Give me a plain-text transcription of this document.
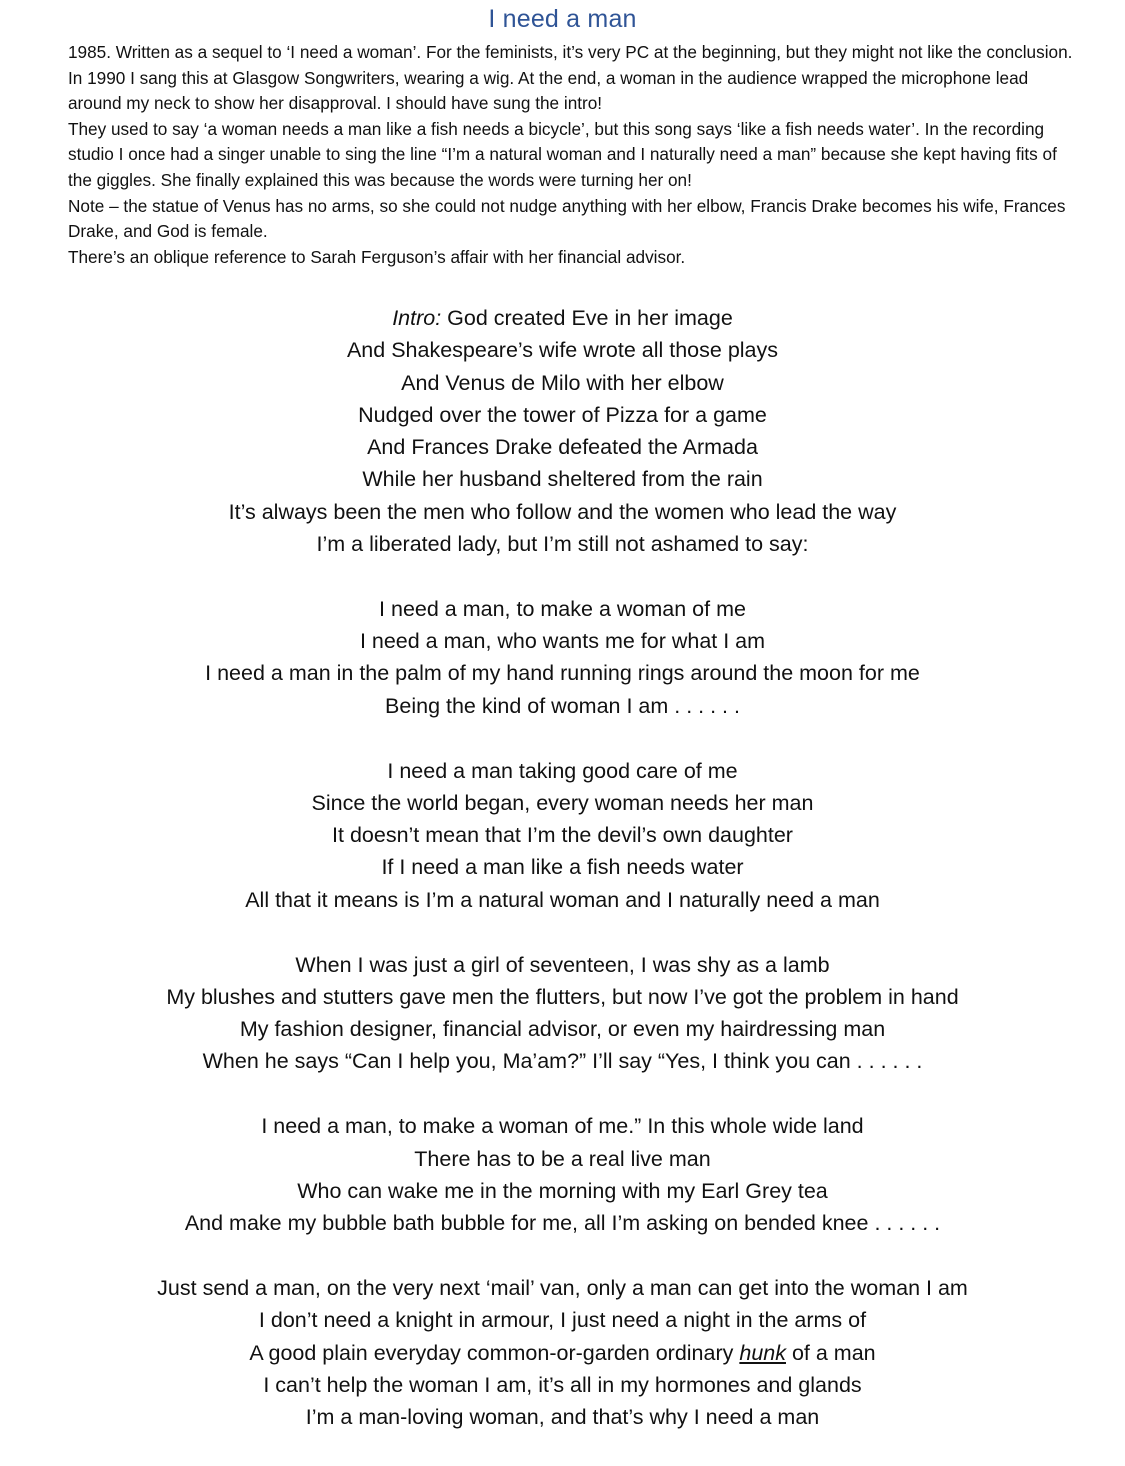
I need a man

1985. Written as a sequel to ‘I need a woman’. For the feminists, it’s very PC at the beginning, but they might not like the conclusion. In 1990 I sang this at Glasgow Songwriters, wearing a wig. At the end, a woman in the audience wrapped the microphone lead around my neck to show her disapproval. I should have sung the intro!

They used to say ‘a woman needs a man like a fish needs a bicycle’, but this song says ‘like a fish needs water’. In the recording studio I once had a singer unable to sing the line “I’m a natural woman and I naturally need a man” because she kept having fits of the giggles. She finally explained this was because the words were turning her on!

Note – the statue of Venus has no arms, so she could not nudge anything with her elbow, Francis Drake becomes his wife, Frances Drake, and God is female.

There’s an oblique reference to Sarah Ferguson’s affair with her financial advisor.

Intro: God created Eve in her image
And Shakespeare’s wife wrote all those plays
And Venus de Milo with her elbow
Nudged over the tower of Pizza for a game
And Frances Drake defeated the Armada
While her husband sheltered from the rain
It’s always been the men who follow and the women who lead the way
I’m a liberated lady, but I’m still not ashamed to say:
I need a man, to make a woman of me
I need a man, who wants me for what I am
I need a man in the palm of my hand running rings around the moon for me
Being the kind of woman I am . . . . . .
I need a man taking good care of me
Since the world began, every woman needs her man
It doesn’t mean that I’m the devil’s own daughter
If I need a man like a fish needs water
All that it means is I’m a natural woman and I naturally need a man
When I was just a girl of seventeen, I was shy as a lamb
My blushes and stutters gave men the flutters, but now I’ve got the problem in hand
My fashion designer, financial advisor, or even my hairdressing man
When he says “Can I help you, Ma’am?” I’ll say “Yes, I think you can . . . . . .
I need a man, to make a woman of me.” In this whole wide land
There has to be a real live man
Who can wake me in the morning with my Earl Grey tea
And make my bubble bath bubble for me, all I’m asking on bended knee . . . . . .
Just send a man, on the very next ‘mail’ van, only a man can get into the woman I am
I don’t need a knight in armour, I just need a night in the arms of
A good plain everyday common-or-garden ordinary hunk of a man
I can’t help the woman I am, it’s all in my hormones and glands
I’m a man-loving woman, and that’s why I need a man
